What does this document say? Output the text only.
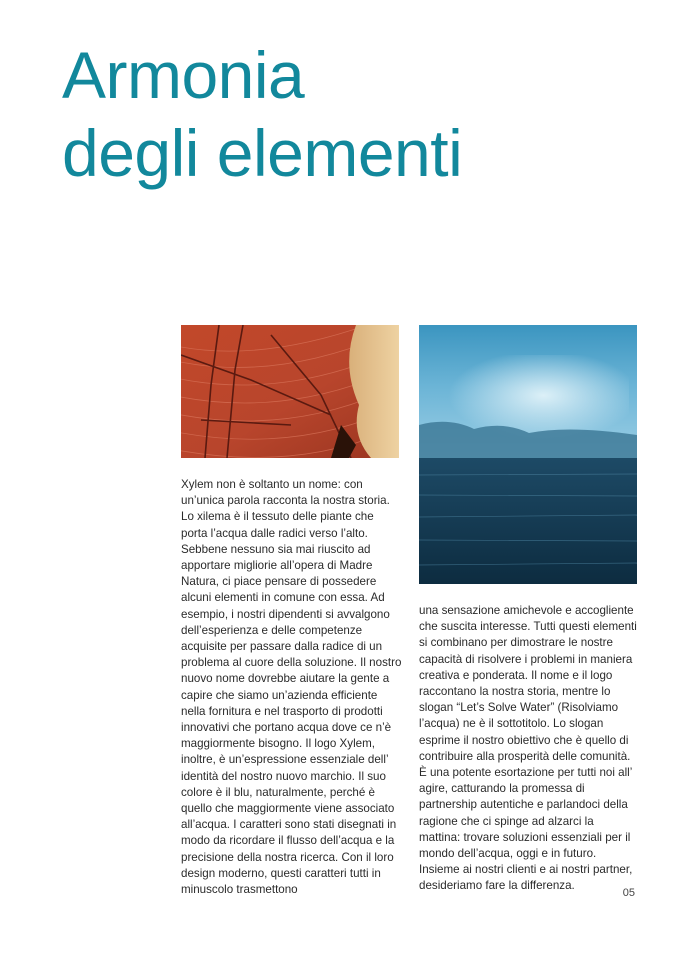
Armonia
degli elementi

Xylem non è soltanto un nome: con un’unica parola racconta la nostra storia. Lo xilema è il tessuto delle piante che porta l’acqua dalle radici verso l’alto. Sebbene nessuno sia mai riuscito ad apportare migliorie all’opera di Madre Natura, ci piace pensare di possedere alcuni elementi in comune con essa. Ad esempio, i nostri dipendenti si avvalgono dell’esperienza e delle competenze acquisite per passare dalla radice di un problema al cuore della soluzione. Il nostro nuovo nome dovrebbe aiutare la gente a capire che siamo un’azienda efficiente nella fornitura e nel trasporto di prodotti innovativi che portano acqua dove ce n’è maggiormente bisogno. Il logo Xylem, inoltre, è un’espressione essenziale dell’ identità del nostro nuovo marchio. Il suo colore è il blu, naturalmente, perché è quello che maggiormente viene associato all’acqua. I caratteri sono stati disegnati in modo da ricordare il flusso dell’acqua e la precisione della nostra ricerca. Con il loro design moderno, questi caratteri tutti in minuscolo trasmettono

una sensazione amichevole e accogliente che suscita interesse. Tutti questi elementi si combinano per dimostrare le nostre capacità di risolvere i problemi in maniera creativa e ponderata. Il nome e il logo raccontano la nostra storia, mentre lo slogan “Let’s Solve Water” (Risolviamo l’acqua) ne è il sottotitolo. Lo slogan esprime il nostro obiettivo che è quello di contribuire alla prosperità delle comunità. È una potente esortazione per tutti noi all’ agire, catturando la promessa di partnership autentiche e parlandoci della ragione che ci spinge ad alzarci la mattina: trovare soluzioni essenziali per il mondo dell’acqua, oggi e in futuro. Insieme ai nostri clienti e ai nostri partner, desideriamo fare la differenza.

05
